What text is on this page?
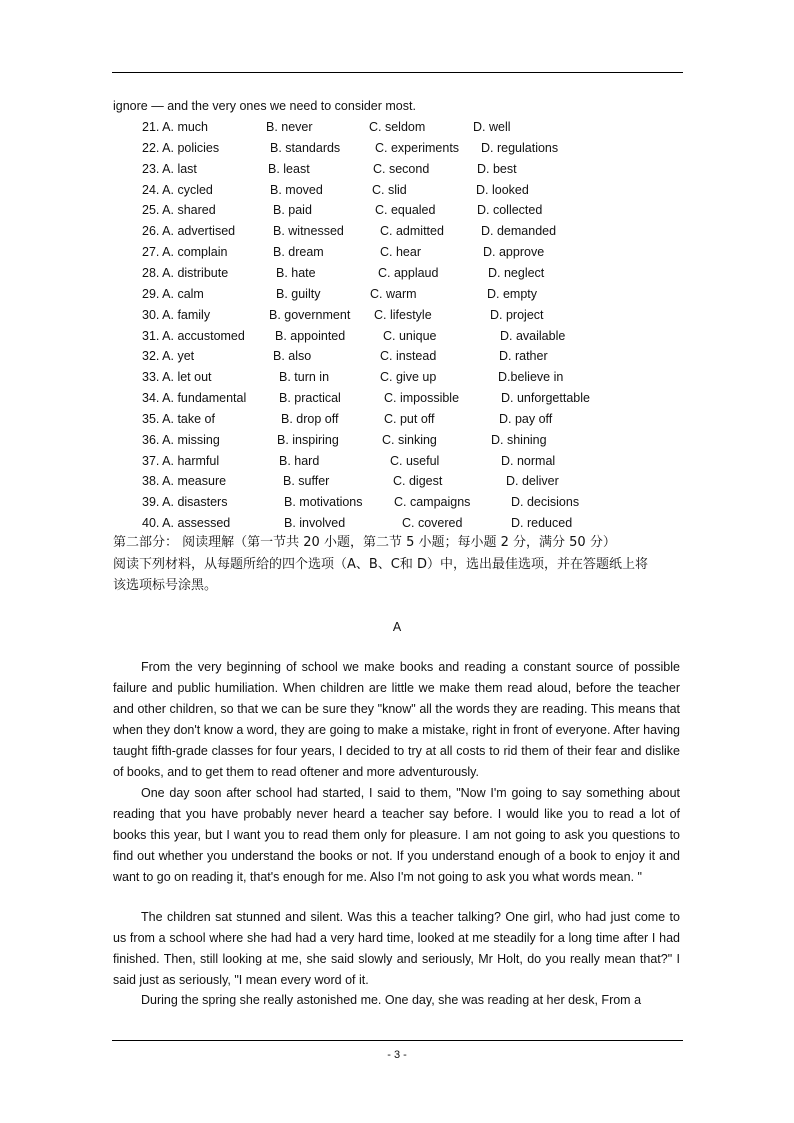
ignore — and the very ones we need to consider most.
21. A. much	B. never	C. seldom	D. well
22. A. policies	B. standards	C. experiments D. regulations
23. A. last	B. least	C. second	D. best
24. A. cycled	B. moved	C. slid	D. looked
25. A. shared	B. paid	C. equaled	D. collected
26. A. advertised	B. witnessed	C. admitted	D. demanded
27. A. complain	B. dream	C. hear	D. approve
28. A. distribute	B. hate	C. applaud	D. neglect
29. A. calm	B. guilty	C. warm	D. empty
30. A. family	B. government C. lifestyle	D. project
31. A. accustomed B. appointed	C. unique	D. available
32. A. yet	B. also	C. instead	D. rather
33. A. let out	B. turn in	C. give up	D.believe in
34. A. fundamental	B. practical	C. impossible	D. unforgettable
35. A. take of	B. drop off	C. put off	D. pay off
36. A. missing	B. inspiring	C. sinking	D. shining
37. A. harmful	B. hard	C. useful	D. normal
38. A. measure	B. suffer	C. digest	D. deliver
39. A. disasters	B. motivations	C. campaigns	D. decisions
40. A. assessed	B. involved	C. covered	D. reduced
第二部分： 阅读理解（第一节共 20 小题，第二节 5 小题；每小题 2 分，满分 50 分）
阅读下列材料，从每题所给的四个选项（A、B、C和 D）中，选出最佳选项，并在答题纸上将
该选项标号涂黑。
A
From the very beginning of school we make books and reading a constant source of possible failure and public humiliation. When children are little we make them read aloud, before the teacher and other children, so that we can be sure they "know" all the words they are reading. This means that when they don't know a word, they are going to make a mistake, right in front of everyone. After having taught fifth-grade classes for four years, I decided to try at all costs to rid them of their fear and dislike of books, and to get them to read oftener and more adventurously.
One day soon after school had started, I said to them, "Now I'm going to say something about reading that you have probably never heard a teacher say before. I would like you to read a lot of books this year, but I want you to read them only for pleasure. I am not going to ask you questions to find out whether you understand the books or not. If you understand enough of a book to enjoy it and want to go on reading it, that's enough for me. Also I'm not going to ask you what words mean. "
The children sat stunned and silent. Was this a teacher talking? One girl, who had just come to us from a school where she had had a very hard time, looked at me steadily for a long time after I had finished. Then, still looking at me, she said slowly and seriously, Mr Holt, do you really mean that?" I said just as seriously, "I mean every word of it.
During the spring she really astonished me. One day, she was reading at her desk, From a
- 3 -
